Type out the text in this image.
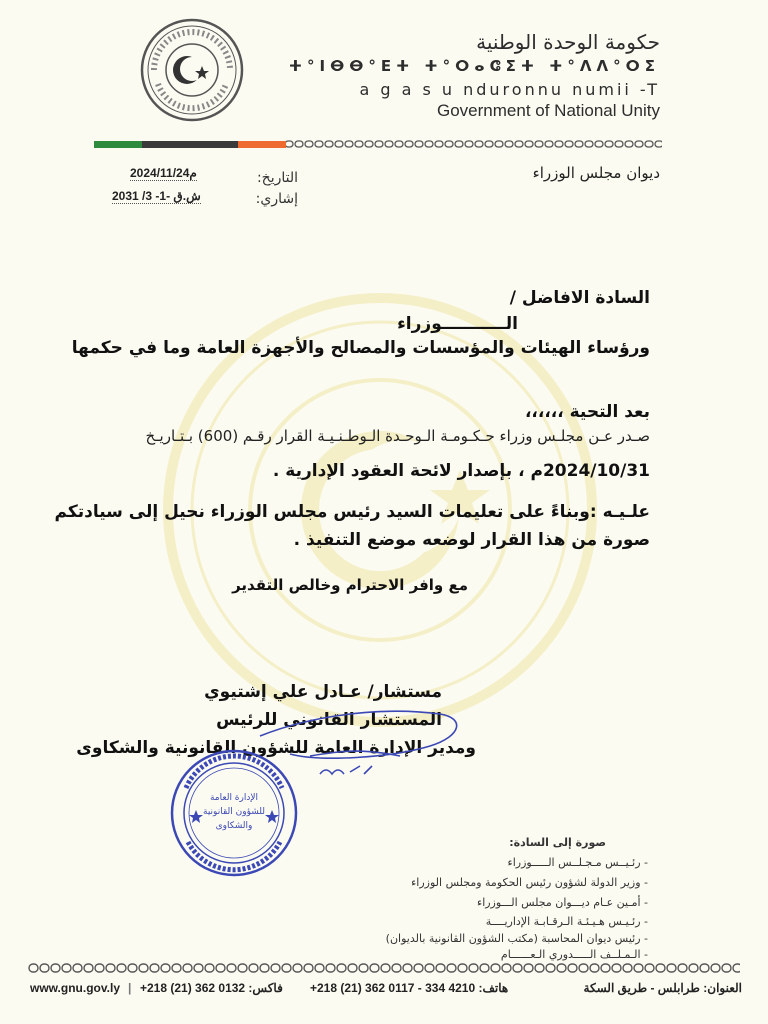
حكومة الوحدة الوطنية
ⵜ°ⵏⴱⴱ°ⴹⵜ ⵜ°ⵔⴰⵛⵉⵜ ⵜ°ⴷⴷ°ⵔⵉ
a g a s u nduronnu numii -T
Government of National Unity
ديوان مجلس الوزراء
التاريخ:
2024/11/24م
إشاري:
ش.ق -1- 3/ 2031
السادة الافاضل /
الـــــــــــوزراء
ورؤساء الهيئات والمؤسسات والمصالح والأجهزة العامة وما في حكمها
بعد التحية ،،،،،،
صـدر عـن مجلـس وزراء حـكـومـة الـوحـدة الـوطـنـيـة القرار رقـم (600) بـتـاريـخ
2024/10/31م ، بإصدار لائحة العقود الإدارية .
علـيـه :وبناءً على تعليمات السيد رئيس مجلس الوزراء نحيل إلى سيادتكم
صورة من هذا القرار لوضعه موضع التنفيذ .
مع وافر الاحترام وخالص التقدير
مستشار/ عـادل علي إشتيوي
المستشار القانوني للرئيس
ومدير الإدارة العامة للشؤون القانونية والشكاوى
الإدارة العامة
للشؤون القانونية
والشكاوى
صورة إلى السادة:
- رئـيــس مـجـلــس الـــــوزراء
- وزير الدولة لشؤون رئيس الحكومة ومجلس الوزراء
- أمـين عـام ديـــوان مجلس الـــوزراء
- رئـيـس هـيـئـة الـرقـابـة الإداريــــة
- رئيس ديوان المحاسبة (مكتب الشؤون القانونية بالديوان)
- الـمـلــف الـــــدوري الـعــــــام
www.gnu.gov.ly | +218 (21) 362 0132 :فاكس +218 (21) 362 0117 - 334 4210 :هاتف	العنوان: طرابلس - طريق السكة
